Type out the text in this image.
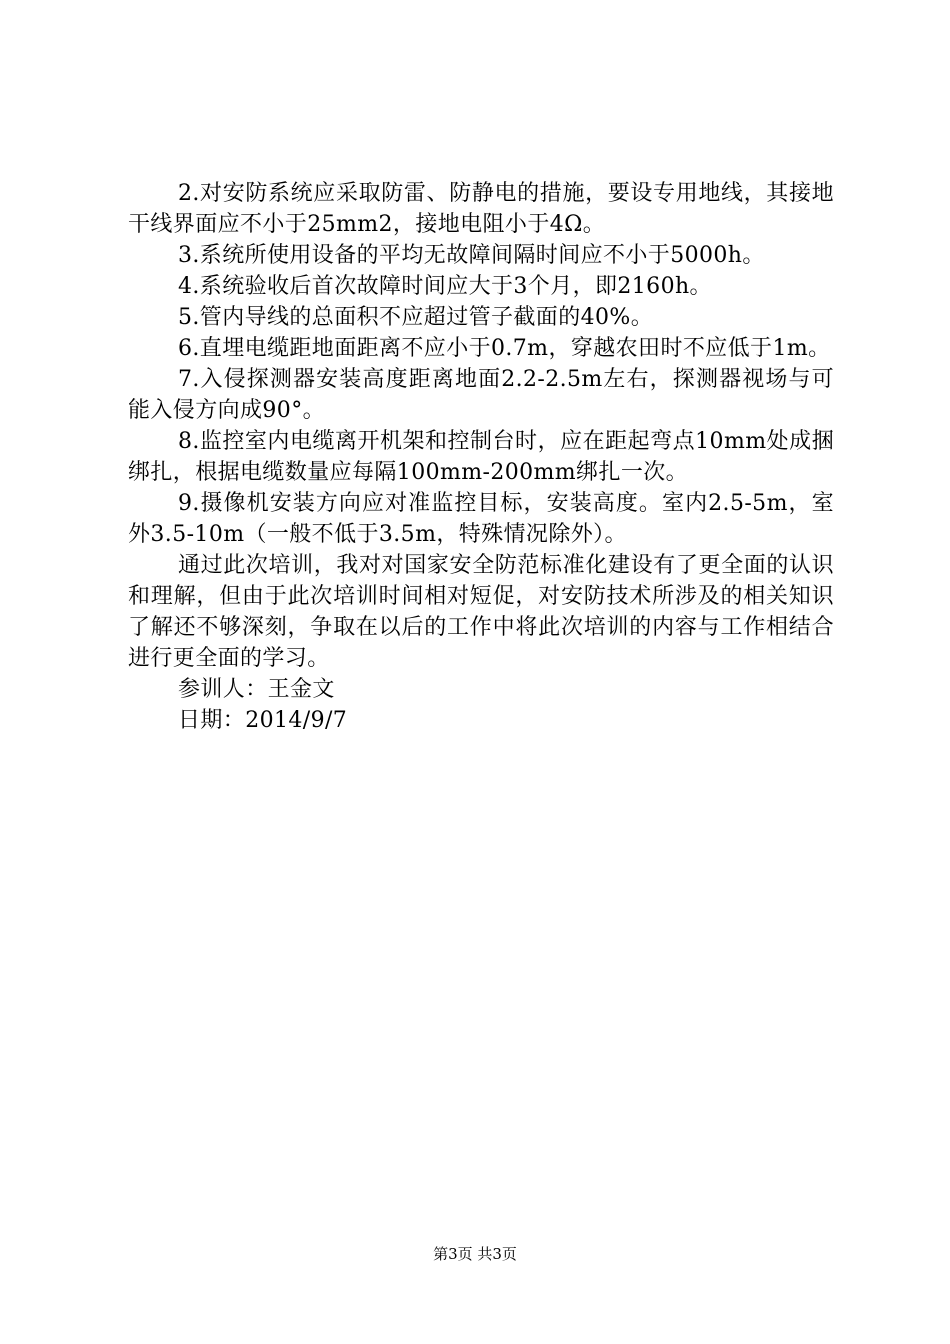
2.对安防系统应采取防雷、防静电的措施，要设专用地线，其接地干线界面应不小于25mm2，接地电阻小于4Ω。

3.系统所使用设备的平均无故障间隔时间应不小于5000h。

4.系统验收后首次故障时间应大于3个月，即2160h。

5.管内导线的总面积不应超过管子截面的40%。

6.直埋电缆距地面距离不应小于0.7m，穿越农田时不应低于1m。

7.入侵探测器安装高度距离地面2.2-2.5m左右，探测器视场与可能入侵方向成90°。

8.监控室内电缆离开机架和控制台时，应在距起弯点10mm处成捆绑扎，根据电缆数量应每隔100mm-200mm绑扎一次。

9.摄像机安装方向应对准监控目标，安装高度。室内2.5-5m，室外3.5-10m（一般不低于3.5m，特殊情况除外）。

通过此次培训，我对对国家安全防范标准化建设有了更全面的认识和理解，但由于此次培训时间相对短促，对安防技术所涉及的相关知识了解还不够深刻，争取在以后的工作中将此次培训的内容与工作相结合进行更全面的学习。

参训人：王金文

日期：2014/9/7

第3页 共3页
